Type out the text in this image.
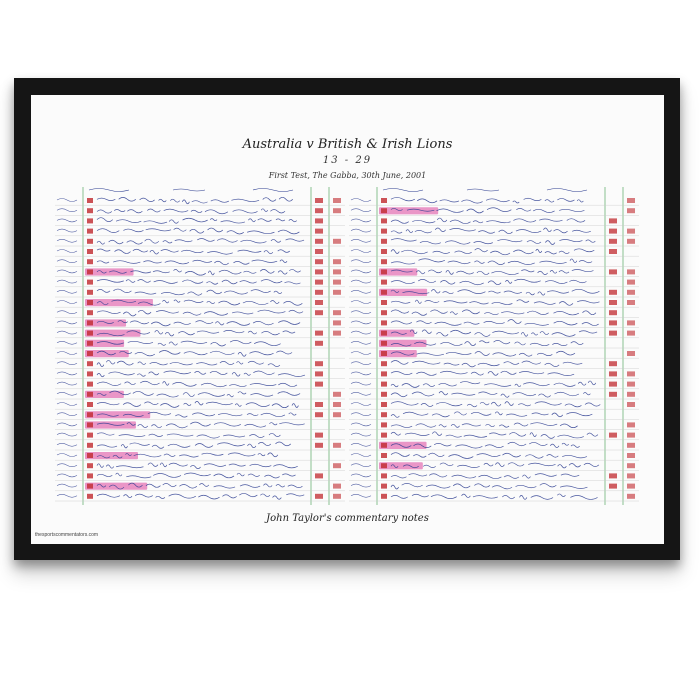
Australia v British & Irish Lions
13 - 29
First Test, The Gabba, 30th June, 2001
John Taylor's commentary notes
thesportscommentators.com
